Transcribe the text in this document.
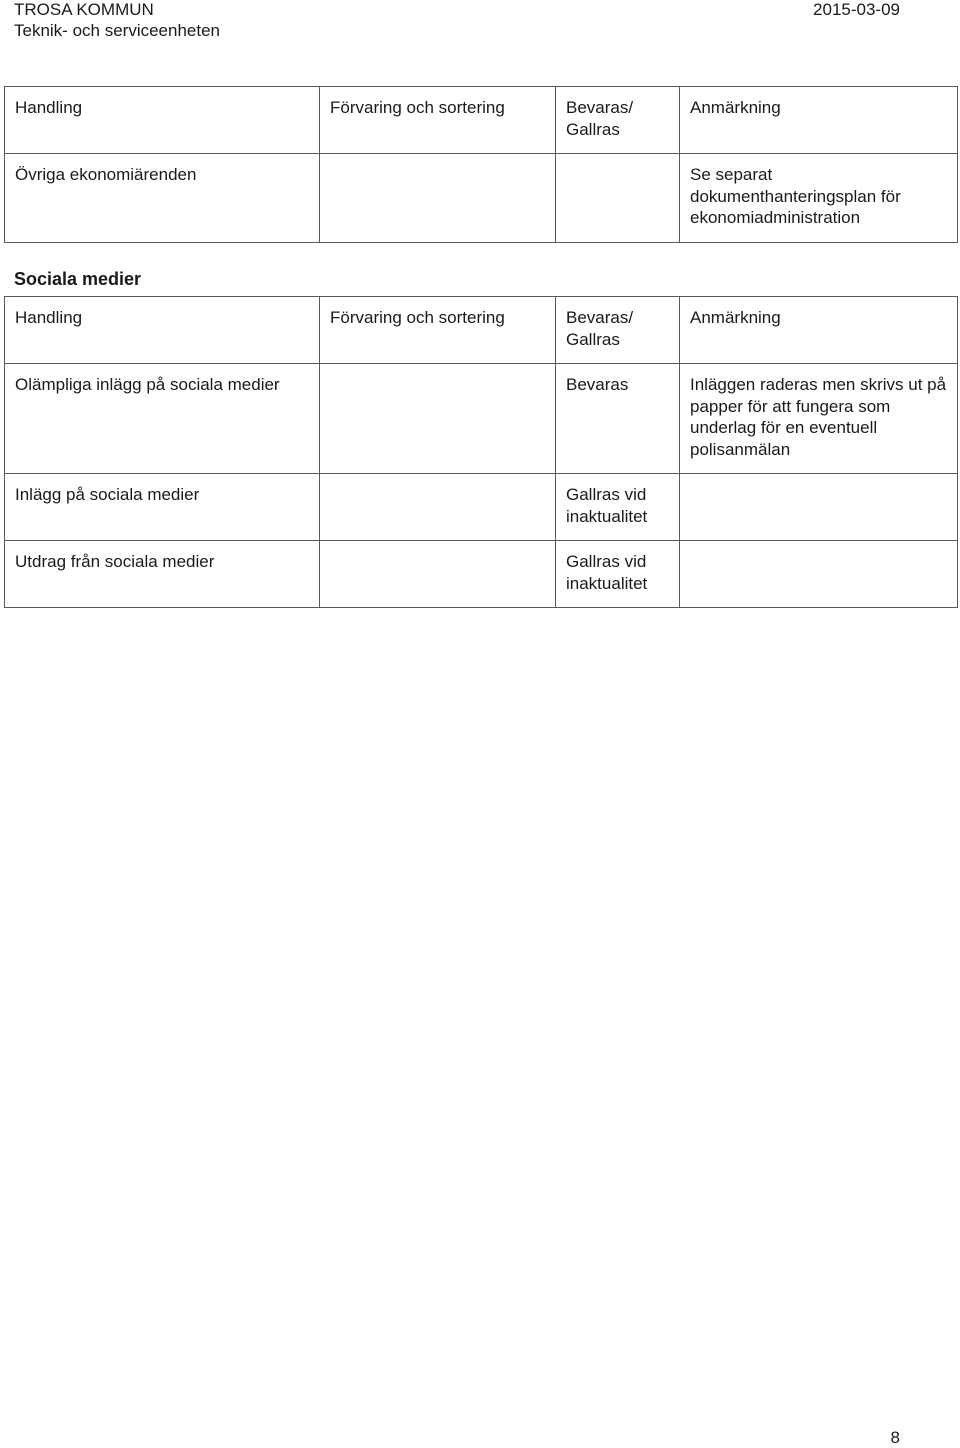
TROSA KOMMUN
Teknik- och serviceenheten
2015-03-09
Handling	Förvaring och sortering	Bevaras/ Gallras	Anmärkning
Övriga ekonomiärenden			Se separat dokumenthanteringsplan för ekonomiadministration
Sociala medier
Handling	Förvaring och sortering	Bevaras/ Gallras	Anmärkning
Olämpliga inlägg på sociala medier		Bevaras	Inläggen raderas men skrivs ut på papper för att fungera som underlag för en eventuell polisanmälan
Inlägg på sociala medier		Gallras vid inaktualitet	
Utdrag från sociala medier		Gallras vid inaktualitet	
8
